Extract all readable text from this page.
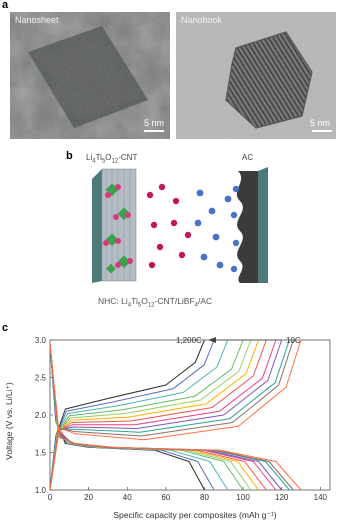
a
Nanosheet
5 nm
Nanobook
5 nm
b $Li_4Ti_5O_{12}$-CNT	AC
NHC: $Li_4Ti_5O_{12}-CNT/LiBF_4/AC$
c
0	20	40	60	80	100	120	140
1.0
1.5
2.0
2.5
3.0	1,200C	10C
Specific capacity per composites (mAh g⁻¹)
Voltage (V vs. Li/Li⁺)
